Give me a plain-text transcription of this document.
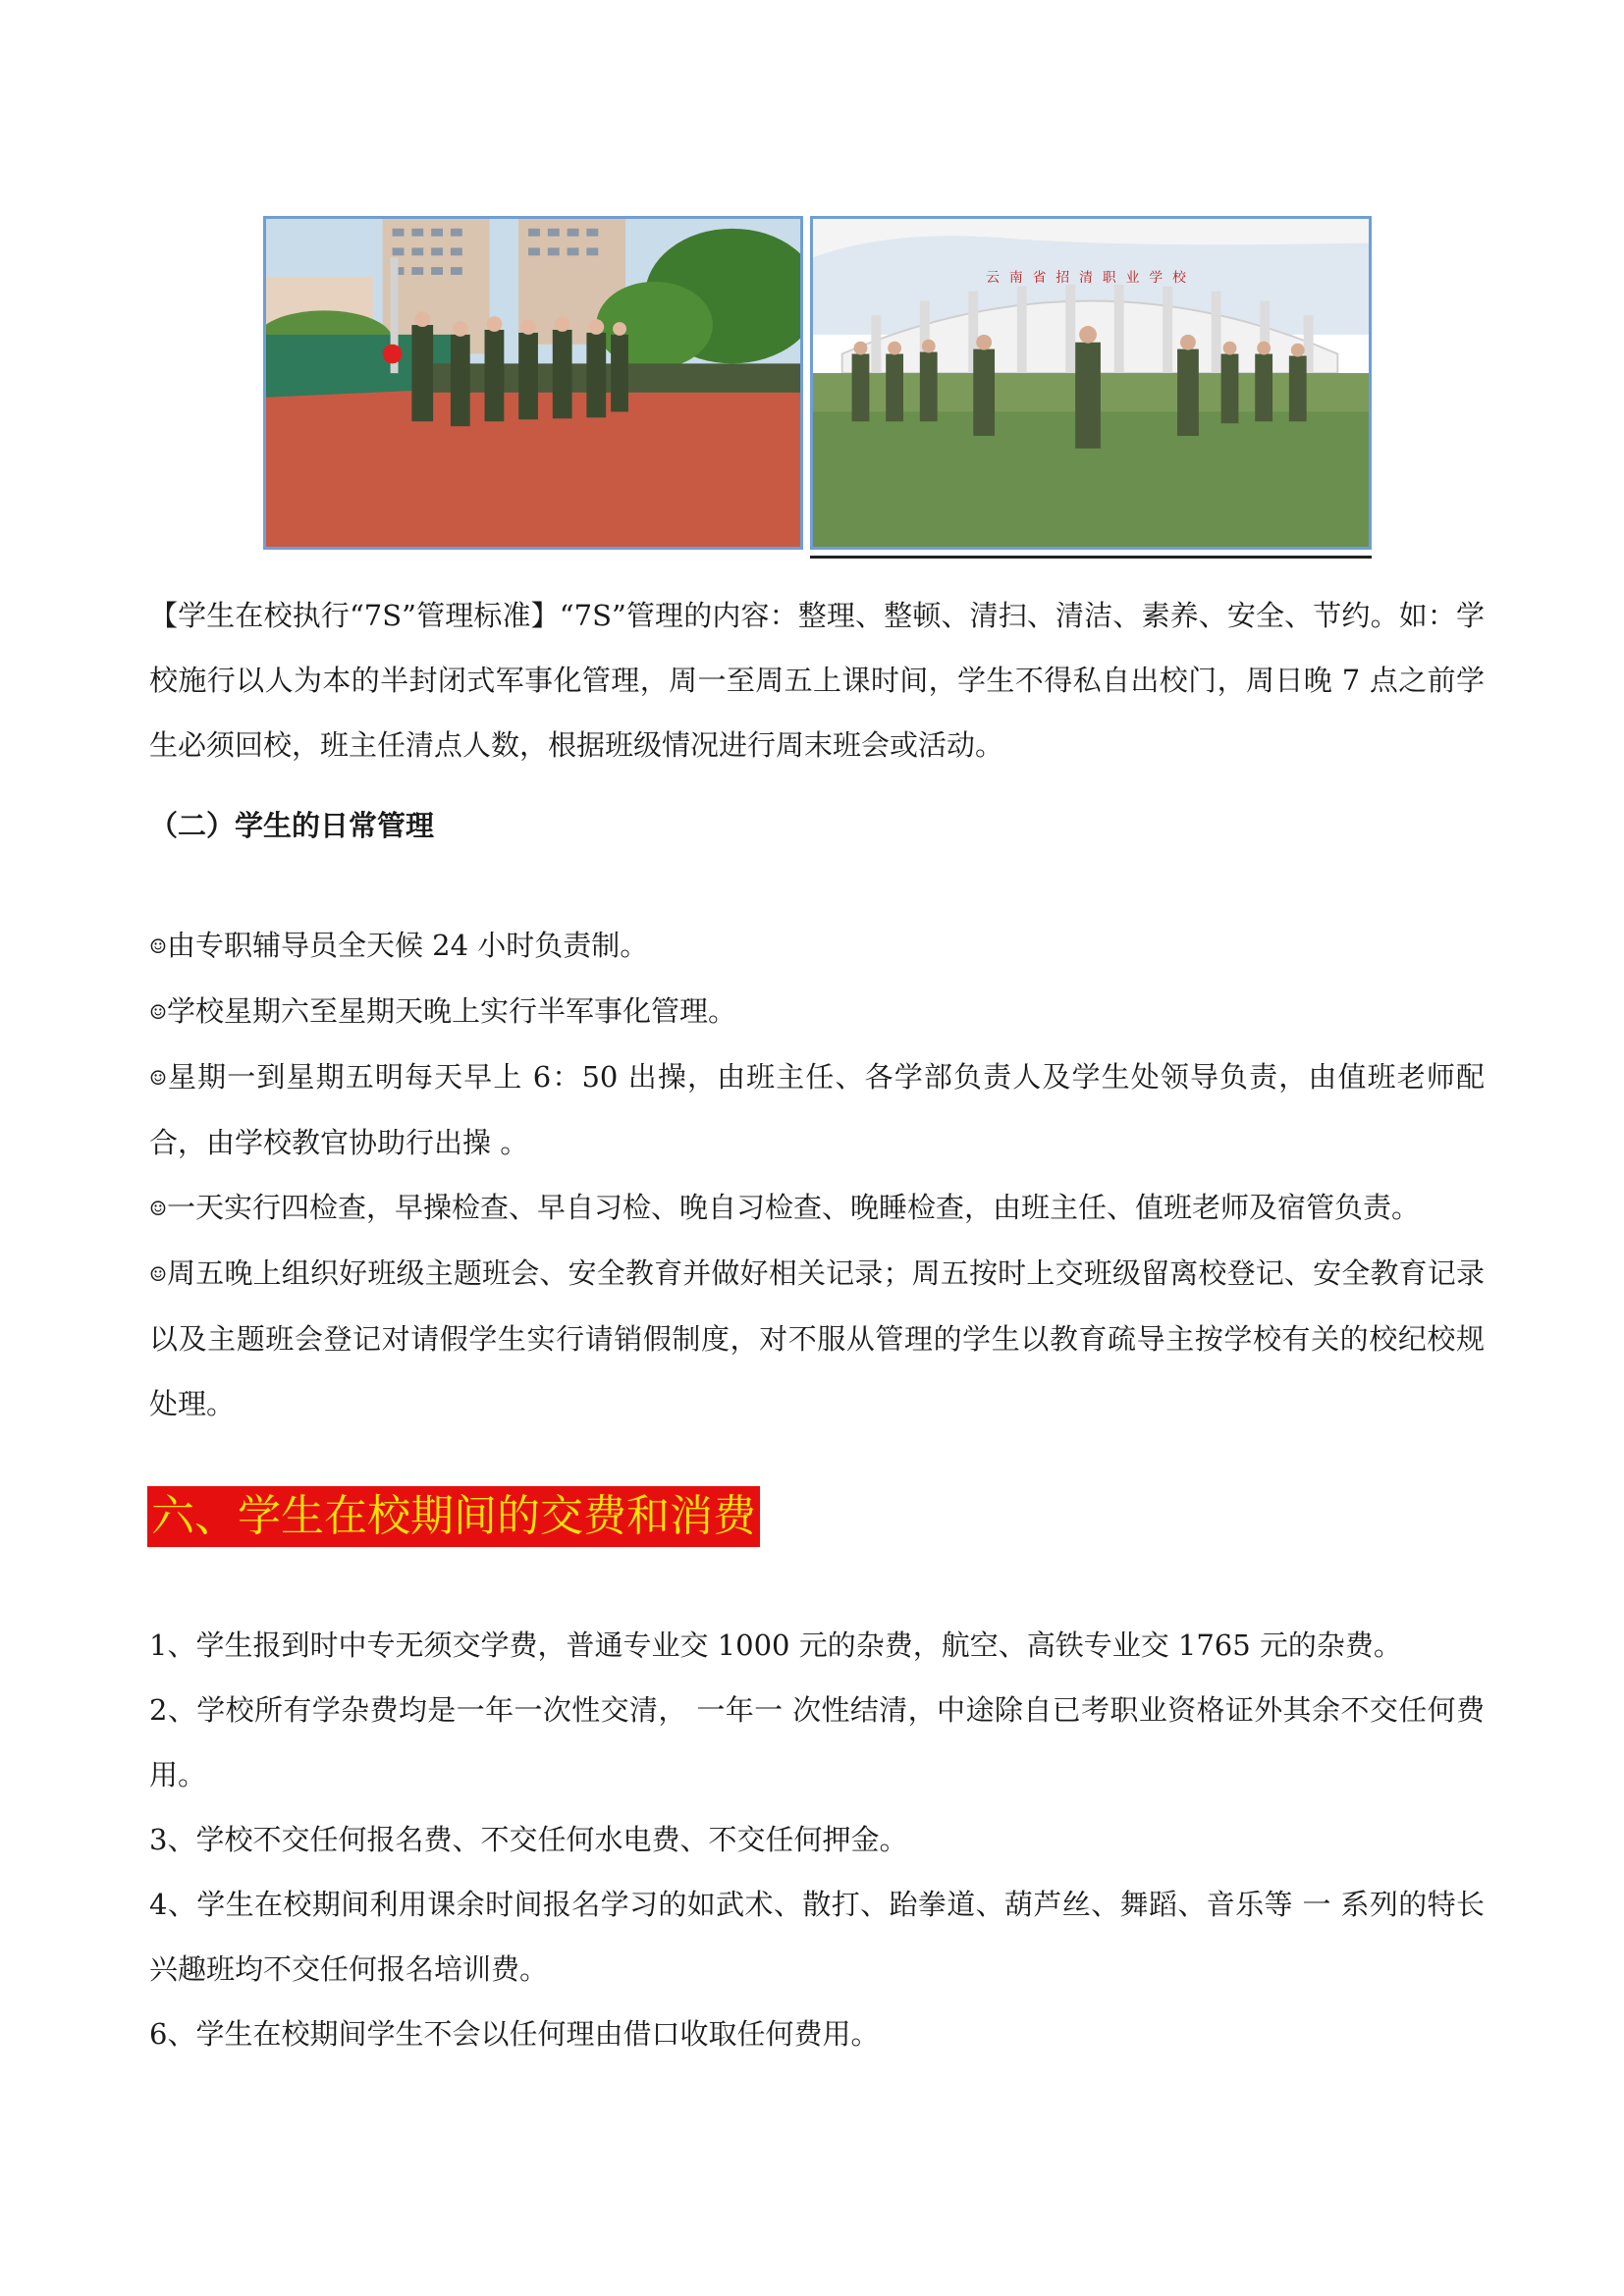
云南省招清职业学校
【学生在校执行“7S”管理标准】“7S”管理的内容：整理、整顿、清扫、清洁、素养、安全、节约。如：学校施行以人为本的半封闭式军事化管理，周一至周五上课时间，学生不得私自出校门，周日晚 7 点之前学生必须回校，班主任清点人数，根据班级情况进行周末班会或活动。
（二）学生的日常管理
☺由专职辅导员全天候 24 小时负责制。
☺学校星期六至星期天晚上实行半军事化管理。
☺星期一到星期五明每天早上 6：50 出操，由班主任、各学部负责人及学生处领导负责，由值班老师配合，由学校教官协助行出操 。
☺一天实行四检查，早操检查、早自习检、晚自习检查、晚睡检查，由班主任、值班老师及宿管负责。
☺周五晚上组织好班级主题班会、安全教育并做好相关记录；周五按时上交班级留离校登记、安全教育记录以及主题班会登记对请假学生实行请销假制度，对不服从管理的学生以教育疏导主按学校有关的校纪校规处理。
六、学生在校期间的交费和消费
1、学生报到时中专无须交学费，普通专业交 1000 元的杂费，航空、高铁专业交 1765 元的杂费。
2、学校所有学杂费均是一年一次性交清， 一年一 次性结清，中途除自已考职业资格证外其余不交任何费用。
3、学校不交任何报名费、不交任何水电费、不交任何押金。
4、学生在校期间利用课余时间报名学习的如武术、散打、跆拳道、葫芦丝、舞蹈、音乐等 一 系列的特长兴趣班均不交任何报名培训费。
6、学生在校期间学生不会以任何理由借口收取任何费用。
